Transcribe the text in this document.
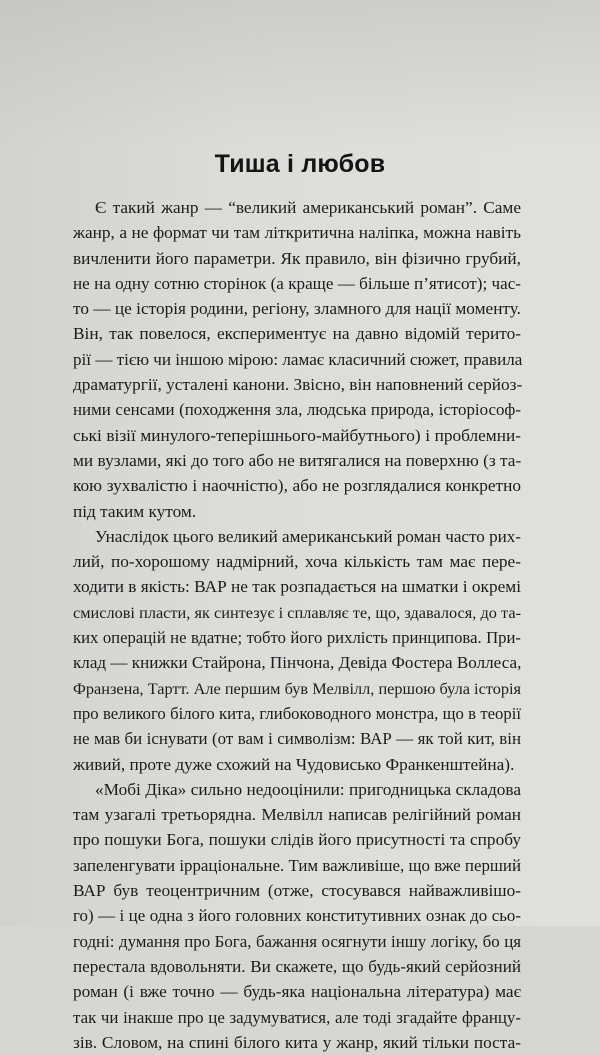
Тиша і любов
Є такий жанр — “великий американський роман”. Саме
жанр, а не формат чи там літкритична наліпка, можна навіть
вичленити його параметри. Як правило, він фізично грубий,
не на одну сотню сторінок (а краще — більше п’ятисот); час-
то — це історія родини, регіону, зламного для нації моменту.
Він, так повелося, експериментує на давно відомій терито-
рії — тією чи іншою мірою: ламає класичний сюжет, правила
драматургії, усталені канони. Звісно, він наповнений серйоз-
ними сенсами (походження зла, людська природа, історіософ-
ські візії минулого-теперішнього-майбутнього) і проблемни-
ми вузлами, які до того або не витягалися на поверхню (з та-
кою зухвалістю і наочністю), або не розглядалися конкретно
під таким кутом.
Унаслідок цього великий американський роман часто рих-
лий, по-хорошому надмірний, хоча кількість там має пере-
ходити в якість: ВАР не так розпадається на шматки і окремі
смислові пласти, як синтезує і сплавляє те, що, здавалося, до та-
ких операцій не вдатне; тобто його рихлість принципова. При-
клад — книжки Стайрона, Пінчона, Девіда Фостера Воллеса,
Франзена, Тартт. Але першим був Мелвілл, першою була історія
про великого білого кита, глибоководного монстра, що в теорії
не мав би існувати (от вам і символізм: ВАР — як той кит, він
живий, проте дуже схожий на Чудовисько Франкенштейна).
«Мобі Діка» сильно недооцінили: пригодницька складова
там узагалі третьорядна. Мелвілл написав релігійний роман
про пошуки Бога, пошуки слідів його присутності та спробу
запеленгувати ірраціональне. Тим важливіше, що вже перший
ВАР був теоцентричним (отже, стосувався найважливішо-
го) — і це одна з його головних конститутивних ознак до сьо-
годні: думання про Бога, бажання осягнути іншу логіку, бо ця
перестала вдовольняти. Ви скажете, що будь-який серйозний
роман (і вже точно — будь-яка національна література) має
так чи інакше про це задумуватися, але тоді згадайте францу-
зів. Словом, на спині білого кита у жанр, який тільки поста-
